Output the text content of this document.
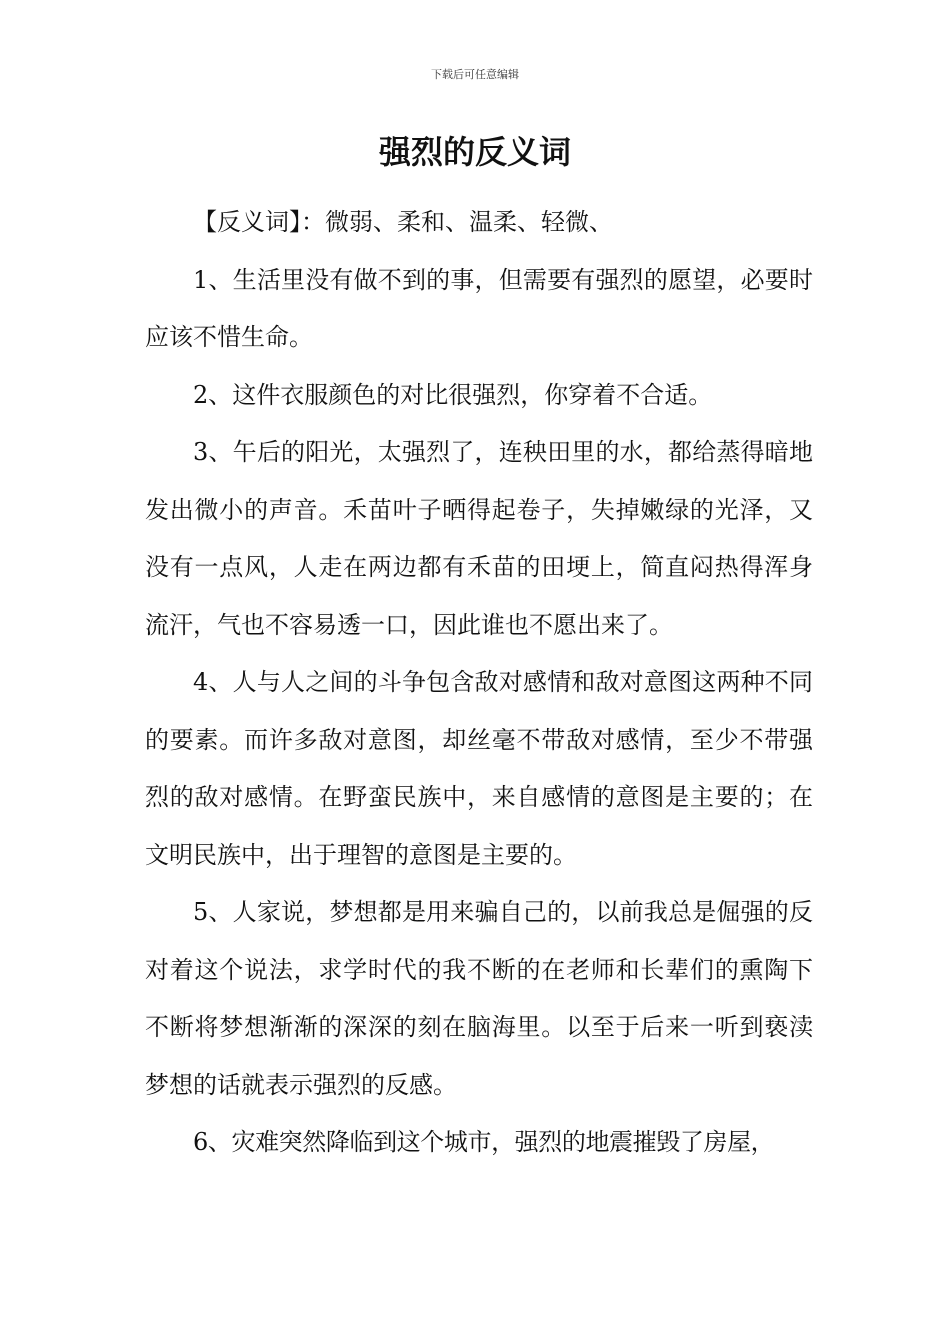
下载后可任意编辑
强烈的反义词

【反义词】：微弱、柔和、温柔、轻微、

1、生活里没有做不到的事，但需要有强烈的愿望，必要时应该不惜生命。

2、这件衣服颜色的对比很强烈，你穿着不合适。

3、午后的阳光，太强烈了，连秧田里的水，都给蒸得暗地发出微小的声音。禾苗叶子晒得起卷子，失掉嫩绿的光泽，又没有一点风，人走在两边都有禾苗的田埂上，简直闷热得浑身流汗，气也不容易透一口，因此谁也不愿出来了。

4、人与人之间的斗争包含敌对感情和敌对意图这两种不同的要素。而许多敌对意图，却丝毫不带敌对感情，至少不带强烈的敌对感情。在野蛮民族中，来自感情的意图是主要的；在文明民族中，出于理智的意图是主要的。

5、人家说，梦想都是用来骗自己的，以前我总是倔强的反对着这个说法，求学时代的我不断的在老师和长辈们的熏陶下不断将梦想渐渐的深深的刻在脑海里。以至于后来一听到亵渎梦想的话就表示强烈的反感。

6、灾难突然降临到这个城市，强烈的地震摧毁了房屋，
